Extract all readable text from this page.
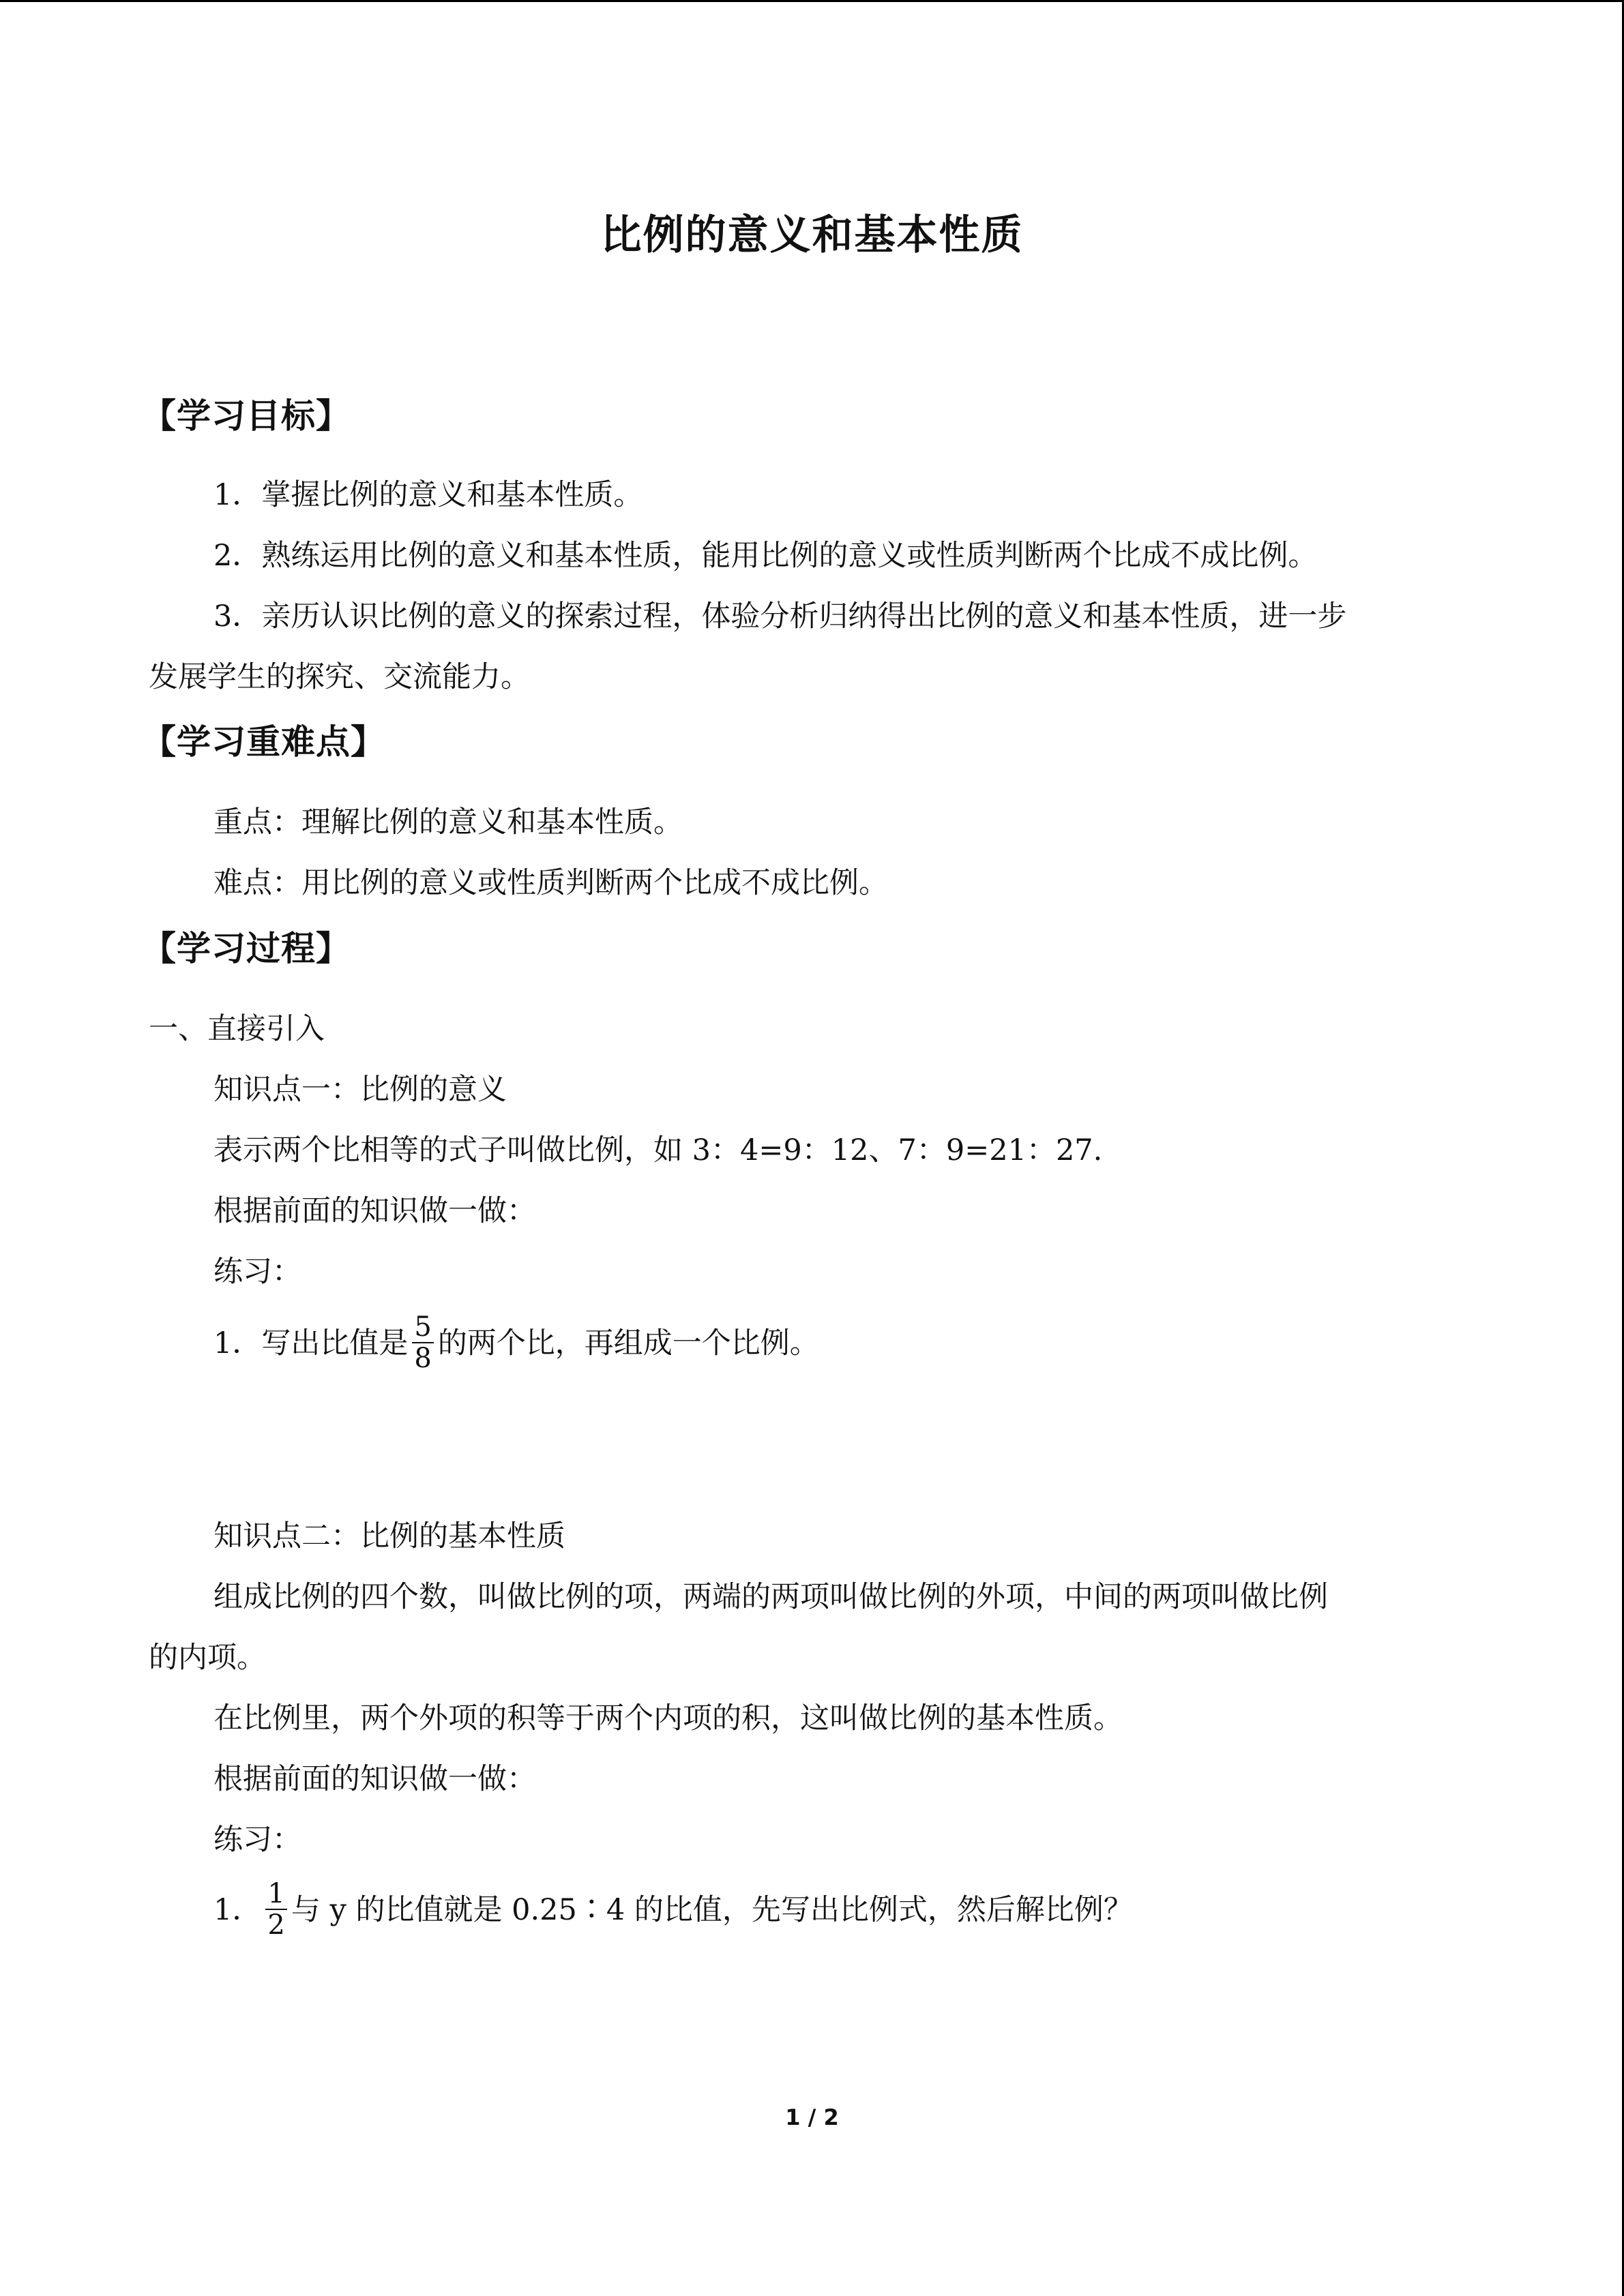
比例的意义和基本性质
【学习目标】
1．掌握比例的意义和基本性质。
2．熟练运用比例的意义和基本性质，能用比例的意义或性质判断两个比成不成比例。
3．亲历认识比例的意义的探索过程，体验分析归纳得出比例的意义和基本性质，进一步
发展学生的探究、交流能力。
【学习重难点】
重点：理解比例的意义和基本性质。
难点：用比例的意义或性质判断两个比成不成比例。
【学习过程】
一、直接引入
知识点一：比例的意义
表示两个比相等的式子叫做比例，如 3：4=9：12、7：9=21：27.
根据前面的知识做一做：
练习：
1．写出比值是 $\frac{5}{8}$ 的两个比，再组成一个比例。
知识点二：比例的基本性质
组成比例的四个数，叫做比例的项，两端的两项叫做比例的外项，中间的两项叫做比例
的内项。
在比例里，两个外项的积等于两个内项的积，这叫做比例的基本性质。
根据前面的知识做一做：
练习：
1． $\frac{1}{2}$ 与 y 的比值就是 0.25∶4 的比值，先写出比例式，然后解比例？
1 / 2
